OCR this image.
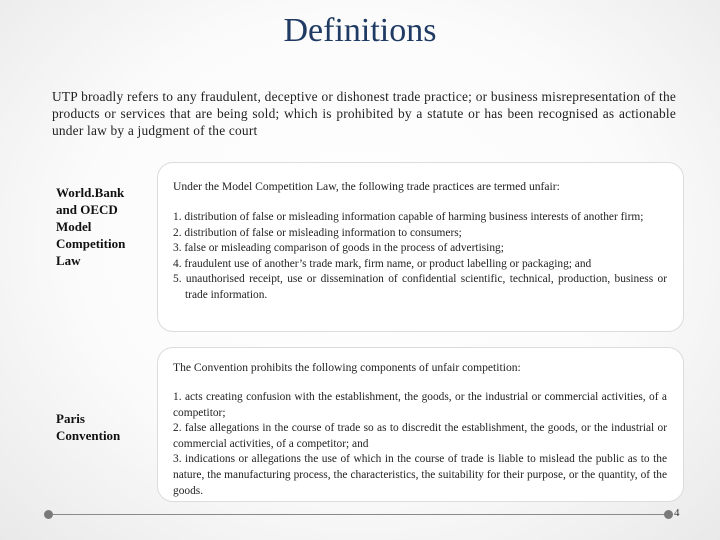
Definitions
UTP broadly refers to any fraudulent, deceptive or dishonest trade practice; or business misrepresentation of the products or services that are being sold; which is prohibited by a statute or has been recognised as actionable under law by a judgment of the court
World.Bank and OECD Model Competition Law
Under the Model Competition Law, the following trade practices are termed unfair:
1. distribution of false or misleading information capable of harming business interests of another firm;
2. distribution of false or misleading information to consumers;
3. false or misleading comparison of goods in the process of advertising;
4. fraudulent use of another’s trade mark, firm name, or product labelling or packaging; and
5. unauthorised receipt, use or dissemination of confidential scientific, technical, production, business or trade information.
Paris Convention
The Convention prohibits the following components of unfair competition:
1. acts creating confusion with the establishment, the goods, or the industrial or commercial activities, of a competitor;
2. false allegations in the course of trade so as to discredit the establishment, the goods, or the industrial or commercial activities, of a competitor; and
3. indications or allegations the use of which in the course of trade is liable to mislead the public as to the nature, the manufacturing process, the characteristics, the suitability for their purpose, or the quantity, of the goods.
4
